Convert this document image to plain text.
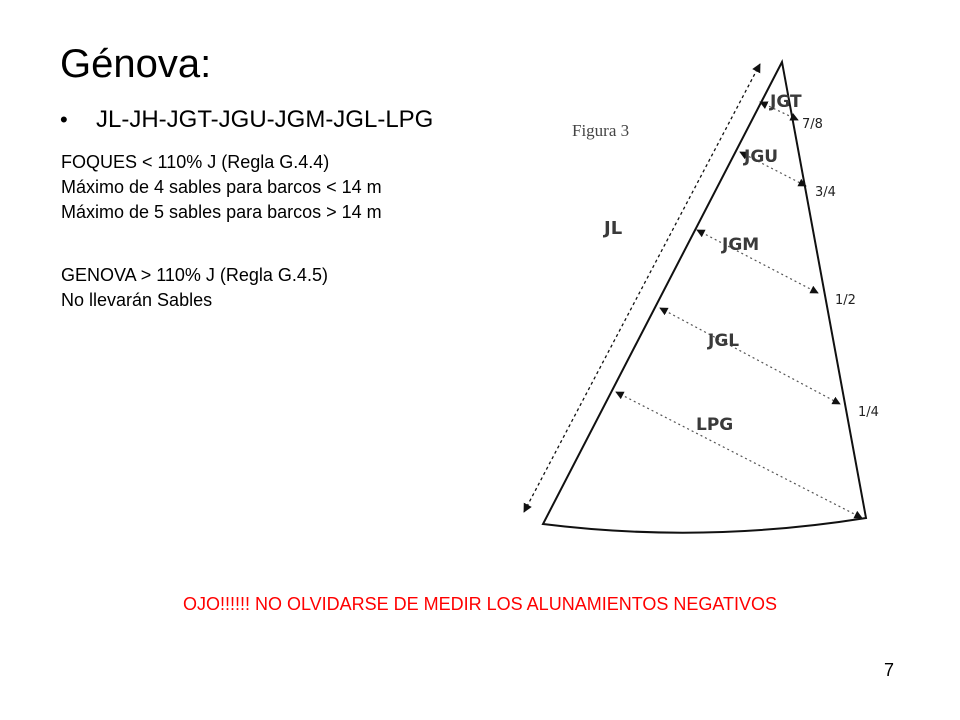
Génova:
•	JL-JH-JGT-JGU-JGM-JGL-LPG
FOQUES < 110% J (Regla G.4.4)
Máximo de 4 sables para barcos < 14 m
Máximo de 5 sables para barcos > 14 m
GENOVA > 110% J (Regla G.4.5)
No llevarán Sables
Figura 3
JL
JGT
7/8
JGU
3/4
JGM
1/2
JGL
1/4
LPG
OJO!!!!!! NO OLVIDARSE DE MEDIR LOS ALUNAMIENTOS NEGATIVOS
7
